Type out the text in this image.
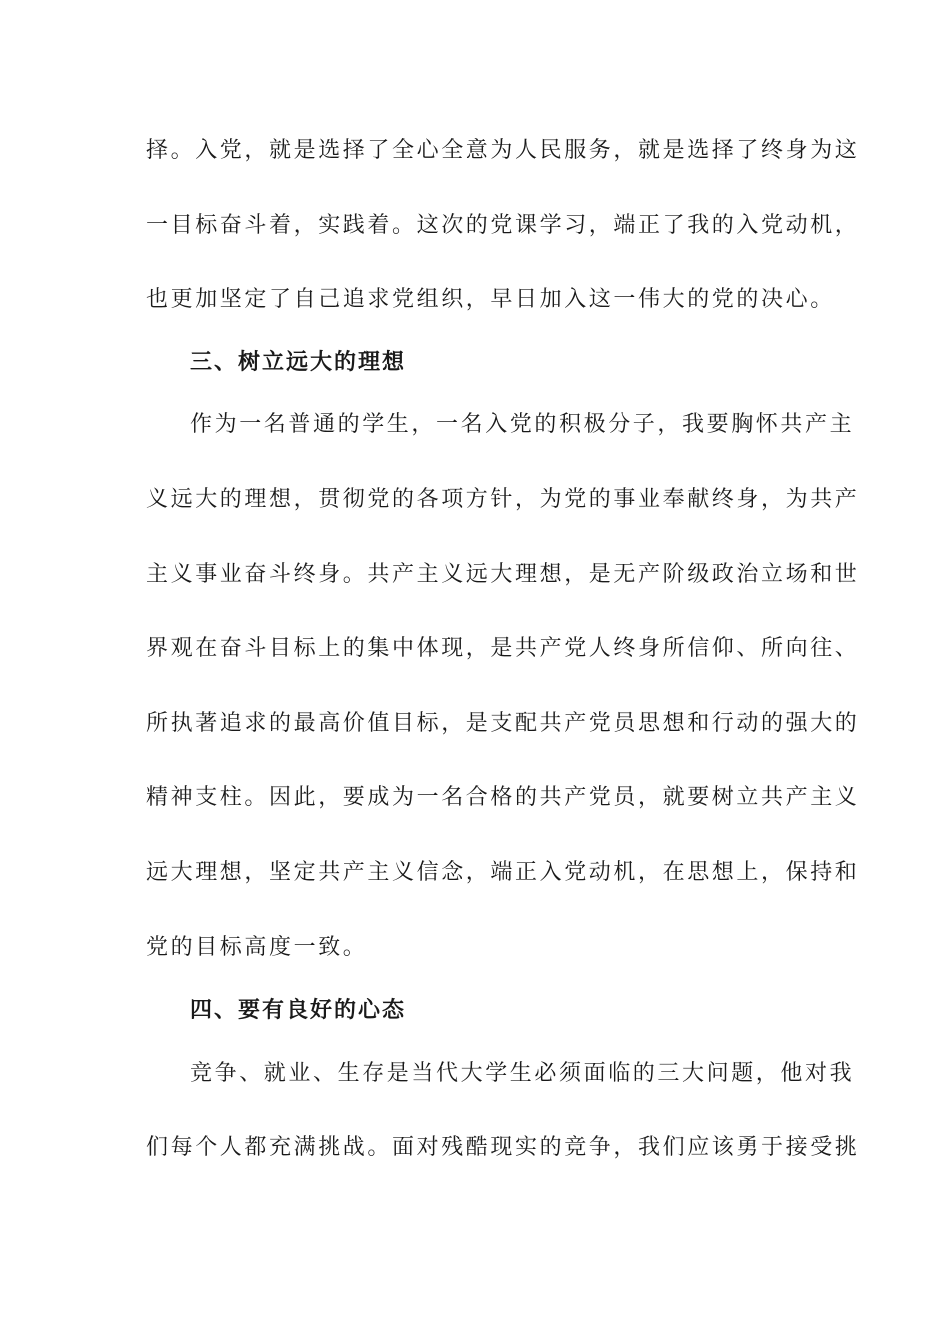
择。入党，就是选择了全心全意为人民服务，就是选择了终身为这
一目标奋斗着，实践着。这次的党课学习，端正了我的入党动机，
也更加坚定了自己追求党组织，早日加入这一伟大的党的决心。
三、树立远大的理想
作为一名普通的学生，一名入党的积极分子，我要胸怀共产主
义远大的理想，贯彻党的各项方针，为党的事业奉献终身，为共产
主义事业奋斗终身。共产主义远大理想，是无产阶级政治立场和世
界观在奋斗目标上的集中体现，是共产党人终身所信仰、所向往、
所执著追求的最高价值目标，是支配共产党员思想和行动的强大的
精神支柱。因此，要成为一名合格的共产党员，就要树立共产主义
远大理想，坚定共产主义信念，端正入党动机，在思想上，保持和
党的目标高度一致。
四、要有良好的心态
竞争、就业、生存是当代大学生必须面临的三大问题，他对我
们每个人都充满挑战。面对残酷现实的竞争，我们应该勇于接受挑
